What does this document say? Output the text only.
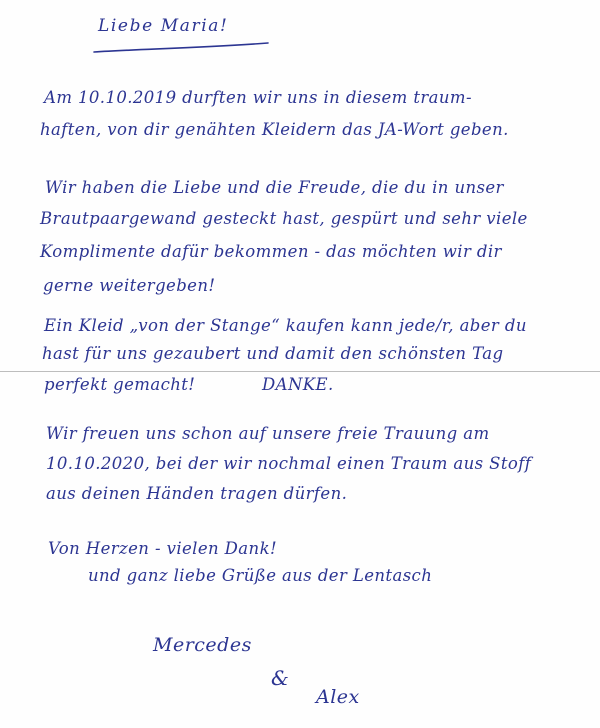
Liebe Maria!
Am 10.10.2019 durften wir uns in diesem traum-
haften, von dir genähten Kleidern das JA-Wort geben.
Wir haben die Liebe und die Freude, die du in unser
Brautpaargewand gesteckt hast, gespürt und sehr viele
Komplimente dafür bekommen - das möchten wir dir
gerne weitergeben!
Ein Kleid „von der Stange“ kaufen kann jede/r, aber du
hast für uns gezaubert und damit den schönsten Tag
perfekt gemacht!	DANKE.
Wir freuen uns schon auf unsere freie Trauung am
10.10.2020, bei der wir nochmal einen Traum aus Stoff
aus deinen Händen tragen dürfen.
Von Herzen - vielen Dank!
und ganz liebe Grüße aus der Lentasch
Mercedes
&
Alex
